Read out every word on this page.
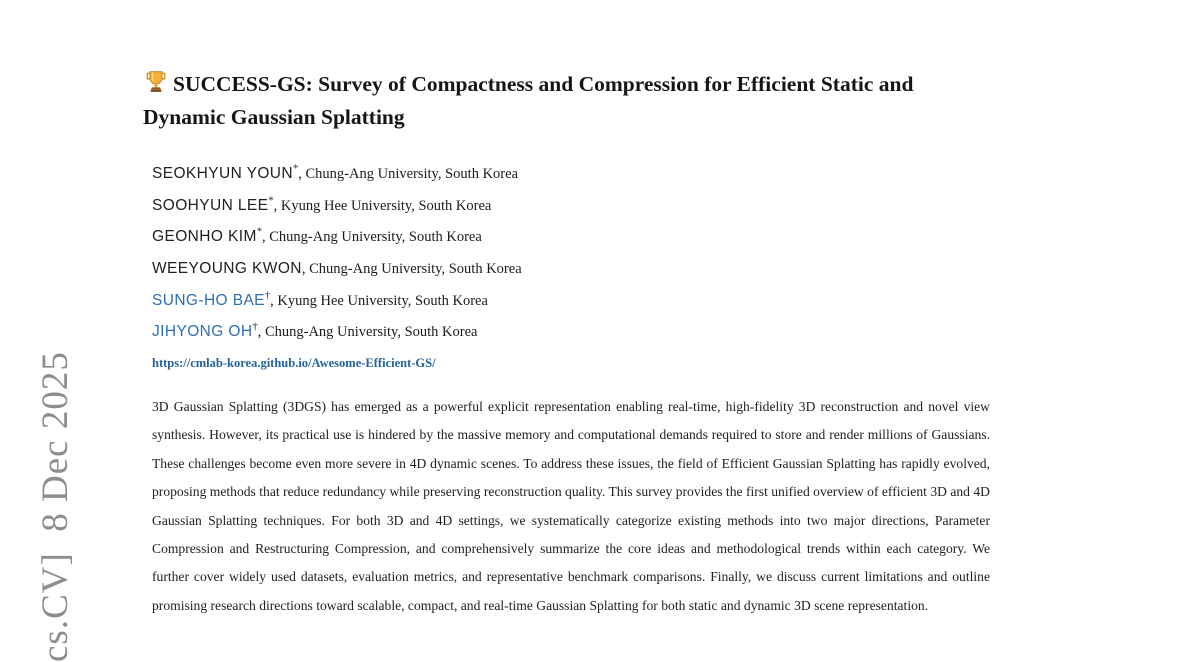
cs.CV]  8 Dec 2025
SUCCESS-GS: Survey of Compactness and Compression for Efficient Static and Dynamic Gaussian Splatting
SEOKHYUN YOUN*, Chung-Ang University, South Korea
SOOHYUN LEE*, Kyung Hee University, South Korea
GEONHO KIM*, Chung-Ang University, South Korea
WEEYOUNG KWON, Chung-Ang University, South Korea
SUNG-HO BAE†, Kyung Hee University, South Korea
JIHYONG OH†, Chung-Ang University, South Korea
https://cmlab-korea.github.io/Awesome-Efficient-GS/
3D Gaussian Splatting (3DGS) has emerged as a powerful explicit representation enabling real-time, high-fidelity 3D reconstruction and novel view synthesis. However, its practical use is hindered by the massive memory and computational demands required to store and render millions of Gaussians. These challenges become even more severe in 4D dynamic scenes. To address these issues, the field of Efficient Gaussian Splatting has rapidly evolved, proposing methods that reduce redundancy while preserving reconstruction quality. This survey provides the first unified overview of efficient 3D and 4D Gaussian Splatting techniques. For both 3D and 4D settings, we systematically categorize existing methods into two major directions, Parameter Compression and Restructuring Compression, and comprehensively summarize the core ideas and methodological trends within each category. We further cover widely used datasets, evaluation metrics, and representative benchmark comparisons. Finally, we discuss current limitations and outline promising research directions toward scalable, compact, and real-time Gaussian Splatting for both static and dynamic 3D scene representation.
